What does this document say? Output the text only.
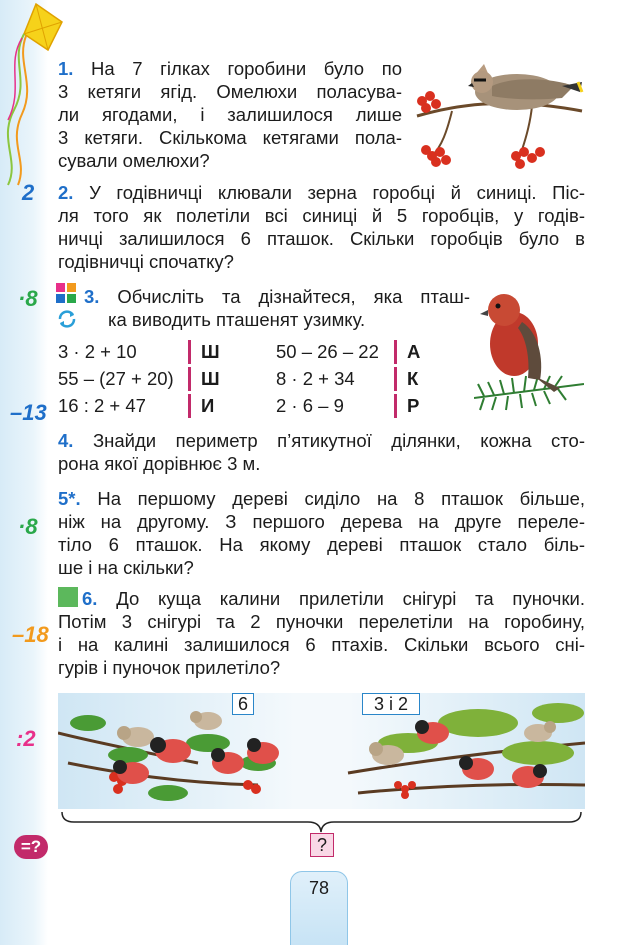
2
·8
–13
·8
–18
:2

1. На 7 гілках горобини було по

3 кетяги ягід. Омелюхи поласува-

ли ягодами, і залишилося лише

3 кетяги. Скількома кетягами пола-

сували омелюхи?

2. У годівничці клювали зерна горобці й синиці. Піс-

ля того як полетіли всі синиці й 5 горобців, у годів-

ничці залишилося 6 пташок. Скільки горобців було в

годівничці спочатку?

3. Обчисліть та дізнайтеся, яка пташ-

ка виводить пташенят узимку.

3 · 2 + 10	Ш	50 – 26 – 22	А
55 – (27 + 20)	Ш	8 · 2 + 34	К
16 : 2 + 47	И	2 · 6 – 9	Р

4. Знайди периметр п’ятикутної ділянки, кожна сто-

рона якої дорівнює 3 м.

5*. На першому дереві сиділо на 8 пташок більше,

ніж на другому. З першого дерева на друге переле-

тіло 6 пташок. На якому дереві пташок стало біль-

ше і на скільки?

6. До куща калини прилетіли снігурі та пуночки.

Потім 3 снігурі та 2 пуночки перелетіли на горобину,

і на калині залишилося 6 птахів. Скільки всього сні-

гурів і пуночок прилетіло?

6	3 і 2
?
=?
78
